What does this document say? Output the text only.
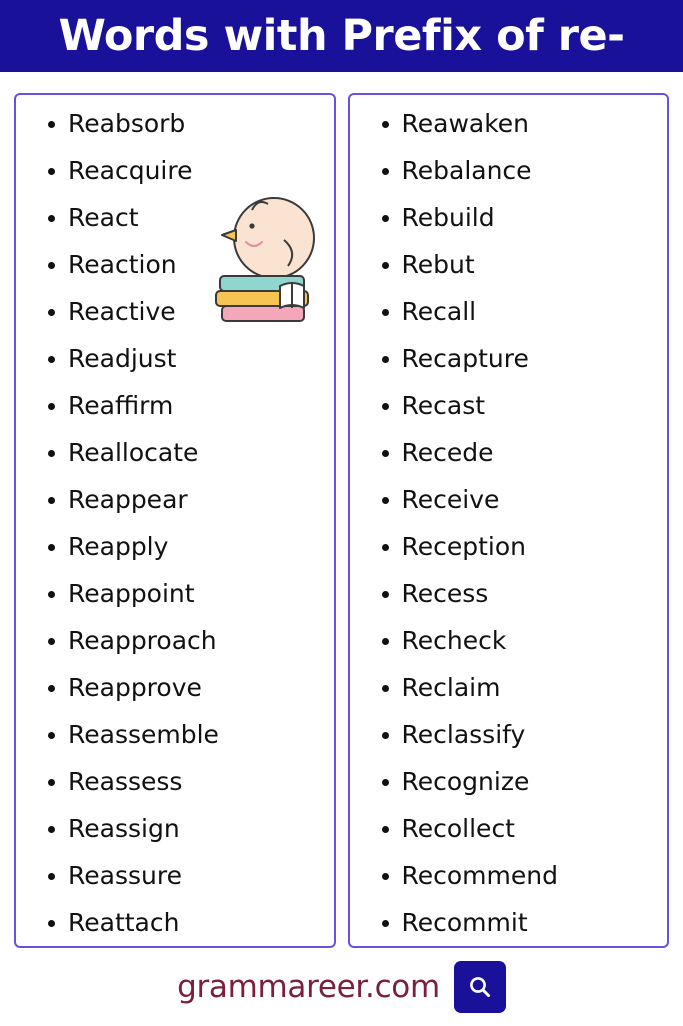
Words with Prefix of re-
Reabsorb
Reacquire
React
Reaction
Reactive
Readjust
Reaffirm
Reallocate
Reappear
Reapply
Reappoint
Reapproach
Reapprove
Reassemble
Reassess
Reassign
Reassure
Reattach
Reawaken
Rebalance
Rebuild
Rebut
Recall
Recapture
Recast
Recede
Receive
Reception
Recess
Recheck
Reclaim
Reclassify
Recognize
Recollect
Recommend
Recommit
grammareer.com
